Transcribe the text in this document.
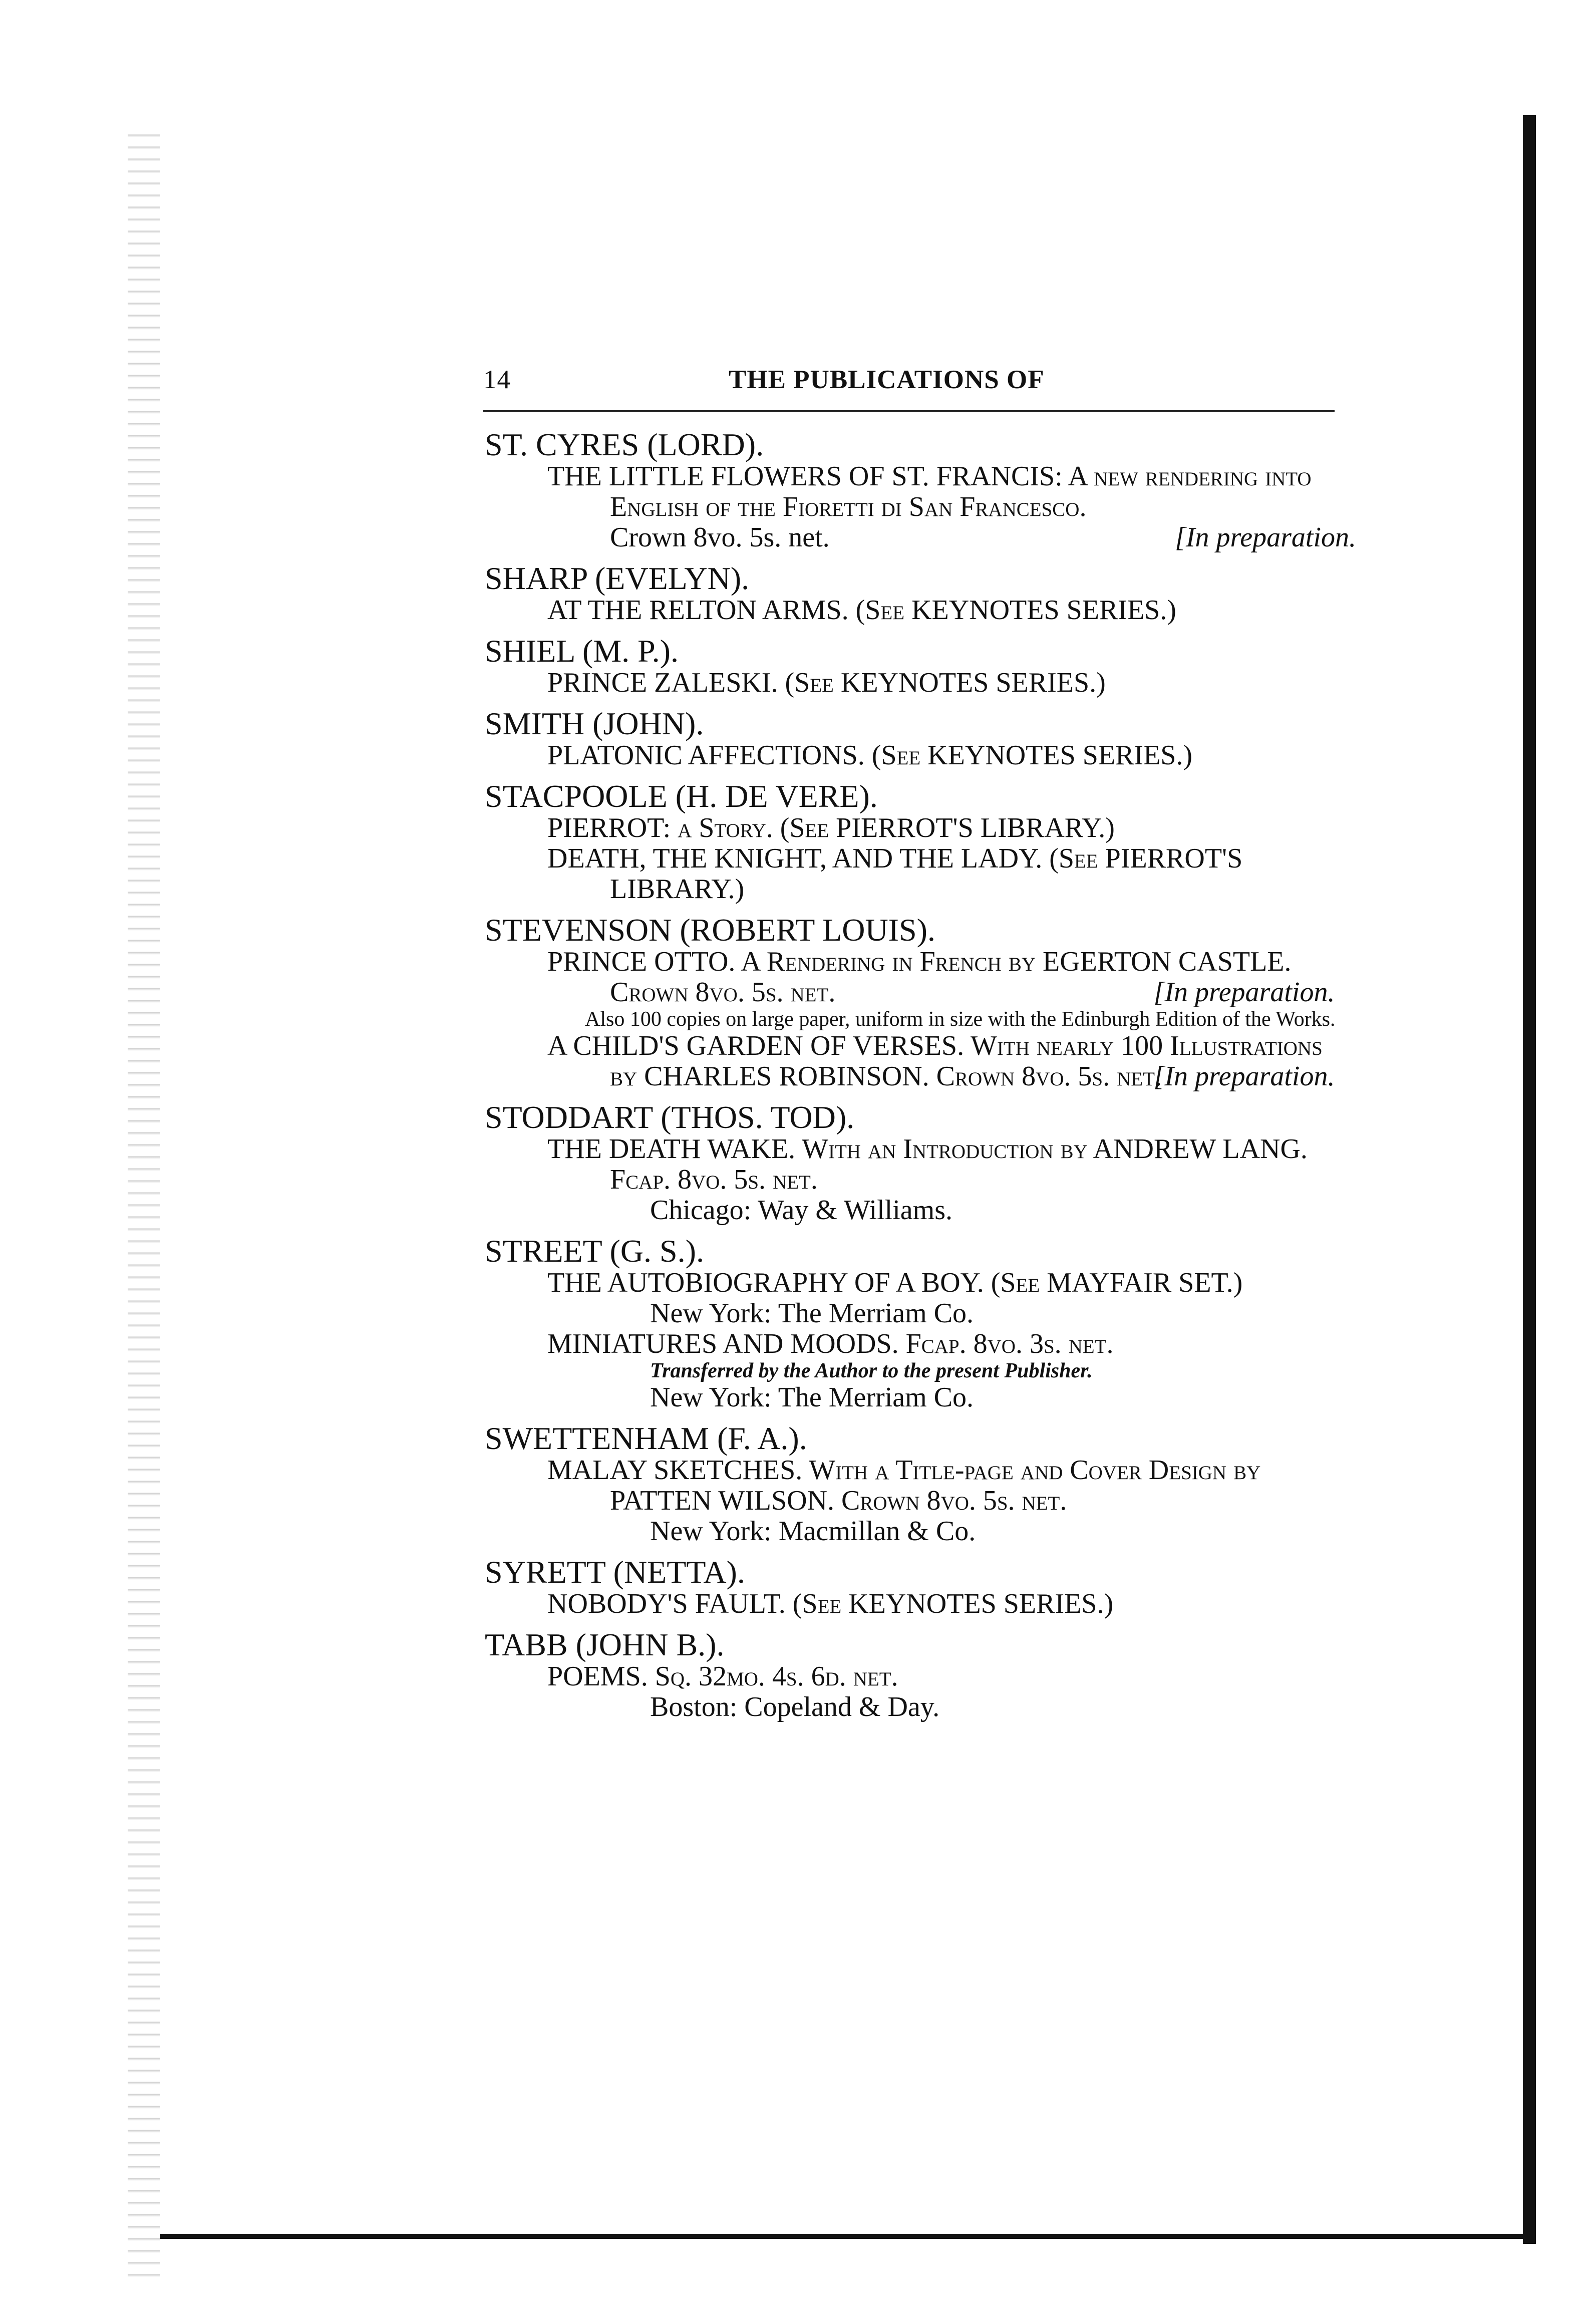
14	THE PUBLICATIONS OF
ST. CYRES (LORD).
THE LITTLE FLOWERS OF ST. FRANCIS: A new rendering into English of the Fioretti di San Francesco.
Crown 8vo. 5s. net.	[In preparation.
SHARP (EVELYN).
AT THE RELTON ARMS. (See KEYNOTES SERIES.)
SHIEL (M. P.).
PRINCE ZALESKI. (See KEYNOTES SERIES.)
SMITH (JOHN).
PLATONIC AFFECTIONS. (See KEYNOTES SERIES.)
STACPOOLE (H. DE VERE).
PIERROT: a Story. (See PIERROT'S LIBRARY.)
DEATH, THE KNIGHT, AND THE LADY. (See PIERROT'S LIBRARY.)
STEVENSON (ROBERT LOUIS).
PRINCE OTTO. A Rendering in French by EGERTON CASTLE. Crown 8vo. 5s. net.	[In preparation.
Also 100 copies on large paper, uniform in size with the Edinburgh Edition of the Works.
A CHILD'S GARDEN OF VERSES. With nearly 100 Illustrations by CHARLES ROBINSON. Crown 8vo. 5s. net.
[In preparation.
STODDART (THOS. TOD).
THE DEATH WAKE. With an Introduction by ANDREW LANG. Fcap. 8vo. 5s. net.
Chicago: Way & Williams.
STREET (G. S.).
THE AUTOBIOGRAPHY OF A BOY. (See MAYFAIR SET.)
New York: The Merriam Co.
MINIATURES AND MOODS. Fcap. 8vo. 3s. net.
Transferred by the Author to the present Publisher.
New York: The Merriam Co.
SWETTENHAM (F. A.).
MALAY SKETCHES. With a Title-page and Cover Design by PATTEN WILSON. Crown 8vo. 5s. net.
New York: Macmillan & Co.
SYRETT (NETTA).
NOBODY'S FAULT. (See KEYNOTES SERIES.)
TABB (JOHN B.).
POEMS. Sq. 32mo. 4s. 6d. net.
Boston: Copeland & Day.
